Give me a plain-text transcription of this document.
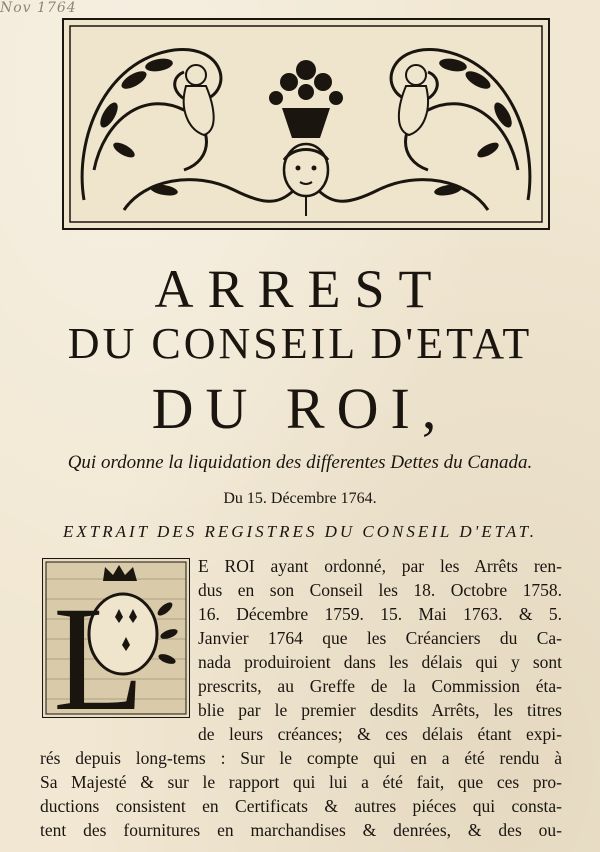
Nov 1764
ARREST
DU CONSEIL D'ETAT
DU ROI,
Qui ordonne la liquidation des differentes Dettes du Canada.
Du 15. Décembre 1764.
EXTRAIT DES REGISTRES DU CONSEIL D'ETAT.
L
E ROI ayant ordonné, par les Arrêts ren-
dus en son Conseil les 18. Octobre 1758.
16. Décembre 1759. 15. Mai 1763. & 5.
Janvier 1764 que les Créanciers du Ca-
nada produiroient dans les délais qui y sont
prescrits, au Greffe de la Commission éta-
blie par le premier desdits Arrêts, les titres
de leurs créances; & ces délais étant expi-
rés depuis long-tems : Sur le compte qui en a été rendu à
Sa Majesté & sur le rapport qui lui a été fait, que ces pro-
ductions consistent en Certificats & autres piéces qui consta-
tent des fournitures en marchandises & denrées, & des ou-
